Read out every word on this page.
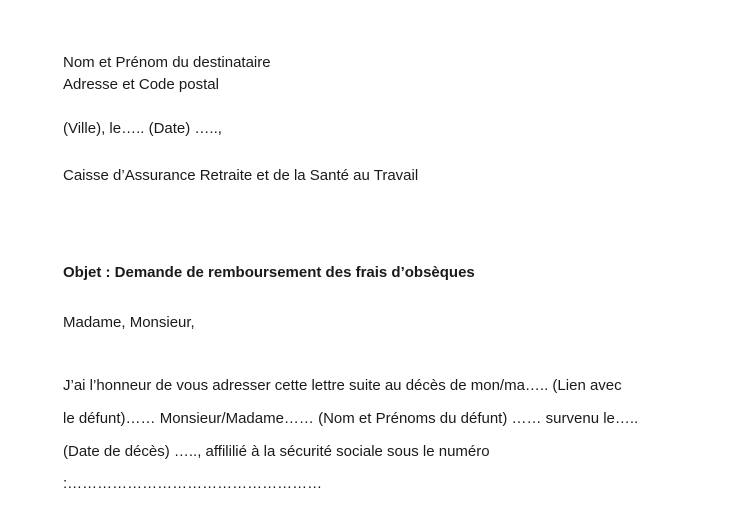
Nom et Prénom du destinataire
Adresse et Code postal
(Ville), le….. (Date) …..,
Caisse d’Assurance Retraite et de la Santé au Travail
Objet : Demande de remboursement des frais d’obsèques
Madame, Monsieur,
J’ai l’honneur de vous adresser cette lettre suite au décès de mon/ma….. (Lien avec
le défunt)…… Monsieur/Madame…… (Nom et Prénoms du défunt) …… survenu le…..
(Date de décès) ….., affililié à la sécurité sociale sous le numéro
:……………………………………………
